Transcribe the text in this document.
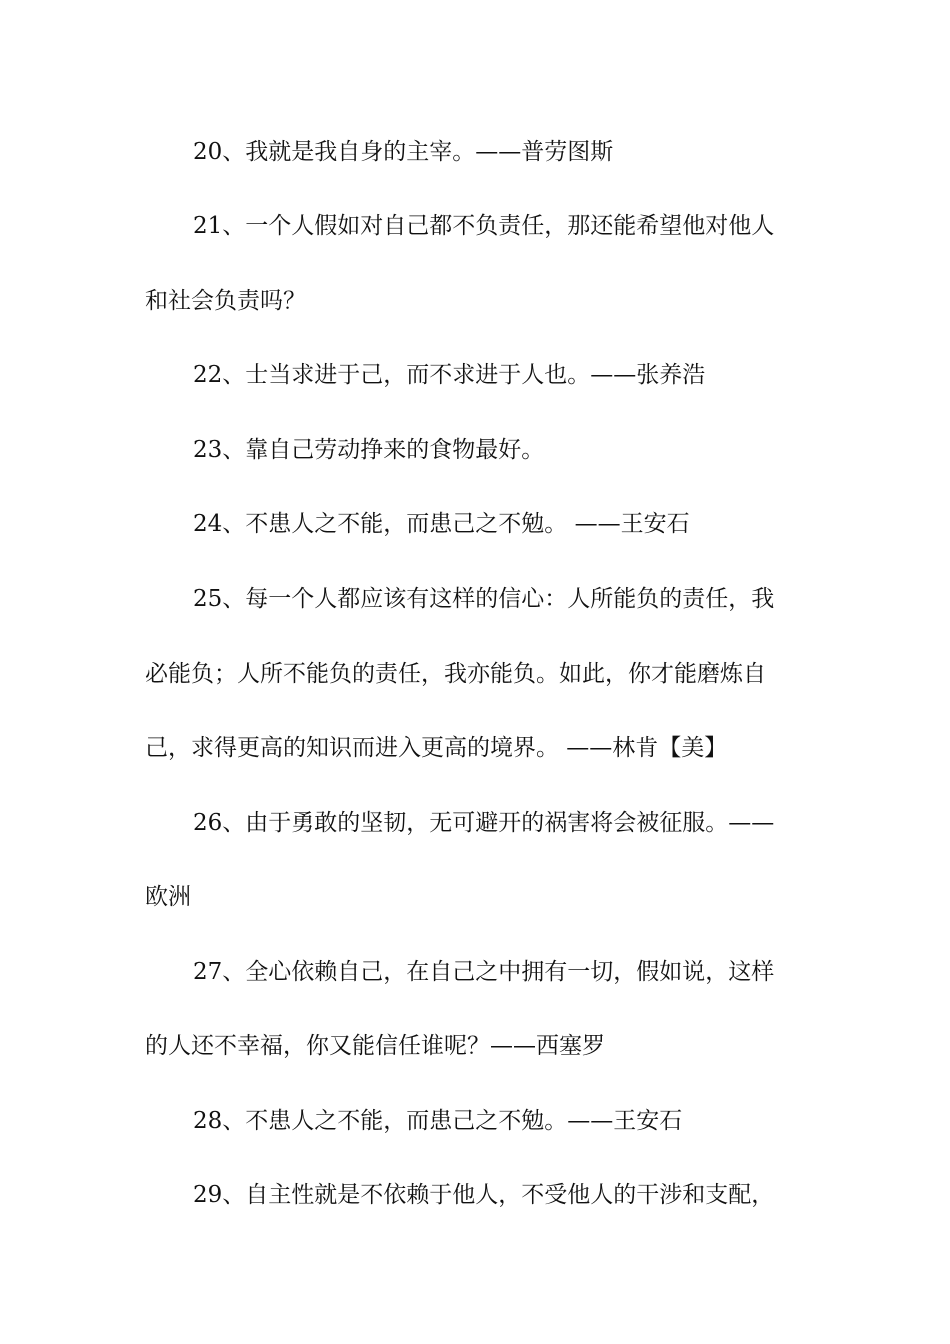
20、我就是我自身的主宰。——普劳图斯
21、一个人假如对自己都不负责任，那还能希望他对他人
和社会负责吗？
22、士当求进于己，而不求进于人也。——张养浩
23、靠自己劳动挣来的食物最好。
24、不患人之不能，而患己之不勉。 ——王安石
25、每一个人都应该有这样的信心：人所能负的责任，我
必能负；人所不能负的责任，我亦能负。如此，你才能磨炼自
己，求得更高的知识而进入更高的境界。 ——林肯【美】
26、由于勇敢的坚韧，无可避开的祸害将会被征服。——
欧洲
27、全心依赖自己，在自己之中拥有一切，假如说，这样
的人还不幸福，你又能信任谁呢？——西塞罗
28、不患人之不能，而患己之不勉。——王安石
29、自主性就是不依赖于他人，不受他人的干涉和支配，
